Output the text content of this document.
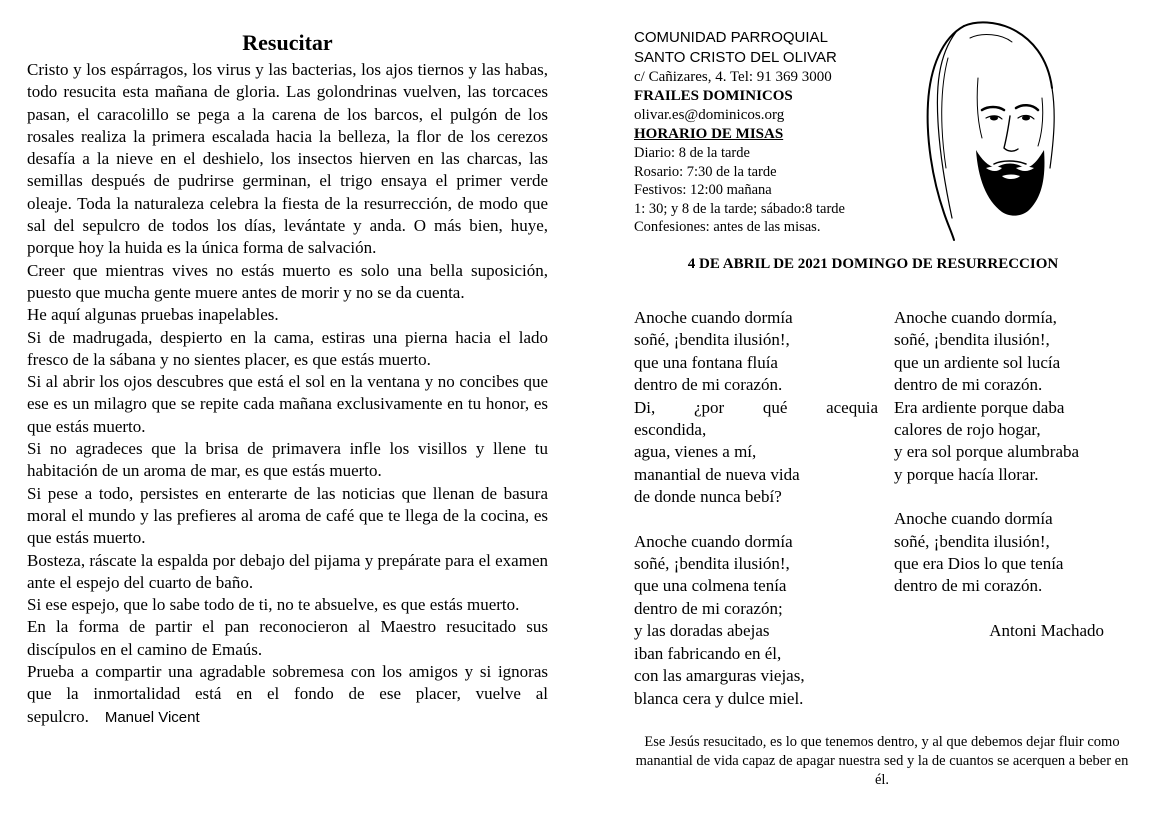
Resucitar

Cristo y los espárragos, los virus y las bacterias, los ajos tiernos y las habas, todo resucita esta mañana de gloria. Las golondrinas vuelven, las torcaces pasan, el caracolillo se pega a la carena de los barcos, el pulgón de los rosales realiza la primera escalada hacia la belleza, la flor de los cerezos desafía a la nieve en el deshielo, los insectos hierven en las charcas, las semillas después de pudrirse germinan, el trigo ensaya el primer verde oleaje. Toda la naturaleza celebra la fiesta de la resurrección, de modo que sal del sepulcro de todos los días, levántate y anda. O más bien, huye, porque hoy la huida es la única forma de salvación.

Creer que mientras vives no estás muerto es solo una bella suposición, puesto que mucha gente muere antes de morir y no se da cuenta.

He aquí algunas pruebas inapelables.

Si de madrugada, despierto en la cama, estiras una pierna hacia el lado fresco de la sábana y no sientes placer, es que estás muerto.

Si al abrir los ojos descubres que está el sol en la ventana y no concibes que ese es un milagro que se repite cada mañana exclusivamente en tu honor, es que estás muerto.

Si no agradeces que la brisa de primavera infle los visillos y llene tu habitación de un aroma de mar, es que estás muerto.

Si pese a todo, persistes en enterarte de las noticias que llenan de basura moral el mundo y las prefieres al aroma de café que te llega de la cocina, es que estás muerto.

Bosteza, ráscate la espalda por debajo del pijama y prepárate para el examen ante el espejo del cuarto de baño.

Si ese espejo, que lo sabe todo de ti, no te absuelve, es que estás muerto.

En la forma de partir el pan reconocieron al Maestro resucitado sus discípulos en el camino de Emaús.

Prueba a compartir una agradable sobremesa con los amigos y si ignoras que la inmortalidad está en el fondo de ese placer, vuelve al sepulcro. Manuel Vicent

COMUNIDAD PARROQUIAL
SANTO CRISTO DEL OLIVAR
c/ Cañizares, 4. Tel: 91 369 3000
FRAILES DOMINICOS
olivar.es@dominicos.org
HORARIO DE MISAS
Diario: 8 de la tarde
Rosario: 7:30 de la tarde
Festivos: 12:00 mañana
1: 30; y 8 de la tarde; sábado:8 tarde
Confesiones: antes de las misas.
4 DE ABRIL DE 2021 DOMINGO DE RESURRECCION
Anoche cuando dormía
soñé, ¡bendita ilusión!,
que una fontana fluía
dentro de mi corazón.
Di, ¿por qué acequia
escondida,
agua, vienes a mí,
manantial de nueva vida
de donde nunca bebí?
Anoche cuando dormía
soñé, ¡bendita ilusión!,
que una colmena tenía
dentro de mi corazón;
y las doradas abejas
iban fabricando en él,
con las amarguras viejas,
blanca cera y dulce miel.
Anoche cuando dormía,
soñé, ¡bendita ilusión!,
que un ardiente sol lucía
dentro de mi corazón.
Era ardiente porque daba
calores de rojo hogar,
y era sol porque alumbraba
y porque hacía llorar.
Anoche cuando dormía
soñé, ¡bendita ilusión!,
que era Dios lo que tenía
dentro de mi corazón.
Antoni Machado
Ese Jesús resucitado, es lo que tenemos dentro, y al que debemos dejar fluir como manantial de vida capaz de apagar nuestra sed y la de cuantos se acerquen a beber en él.
